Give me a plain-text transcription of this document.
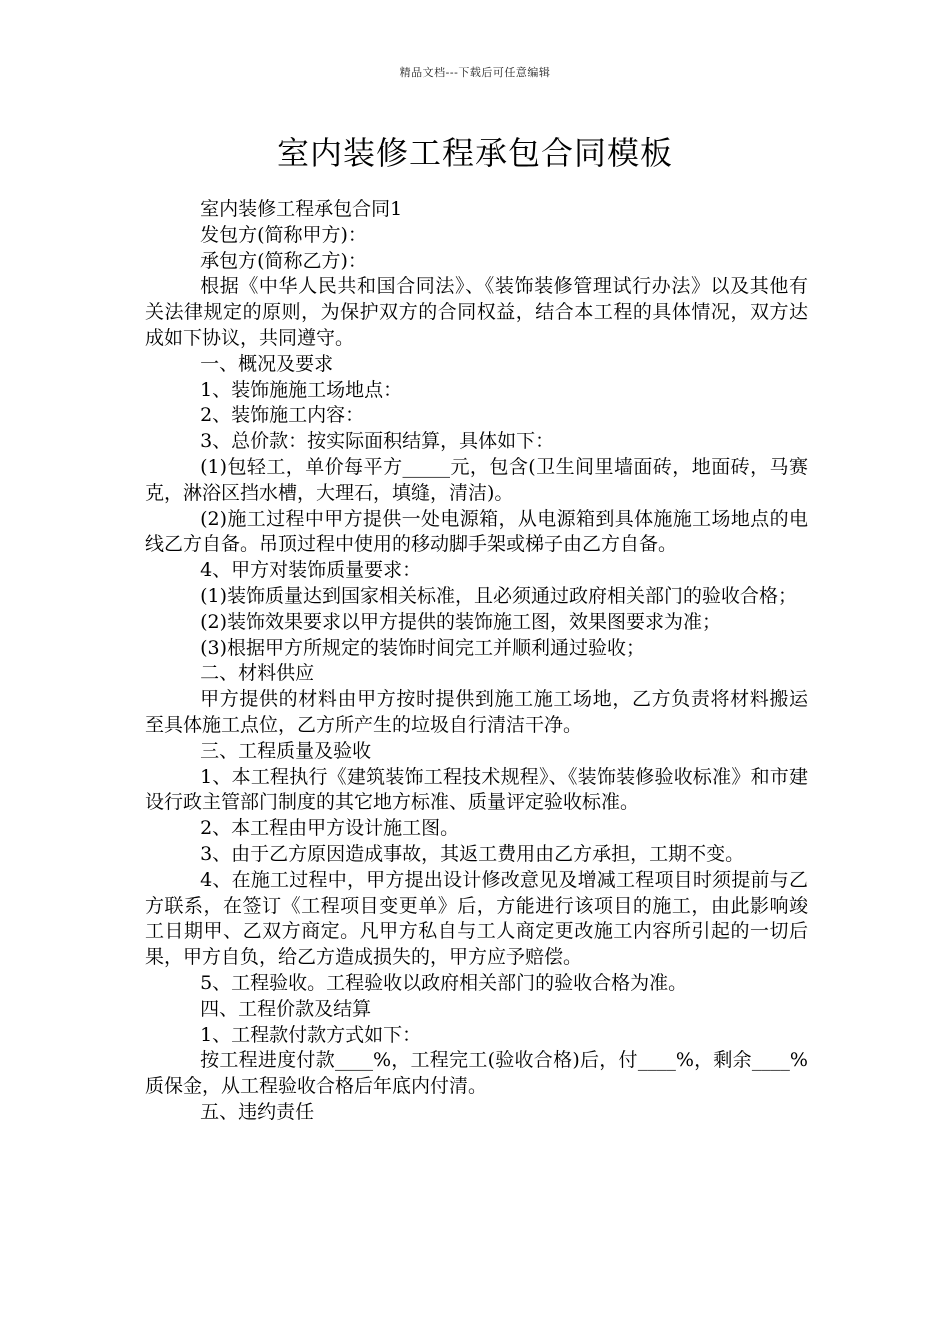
精品文档---下载后可任意编辑
室内装修工程承包合同模板

室内装修工程承包合同1

发包方(简称甲方)：

承包方(简称乙方)：

根据《中华人民共和国合同法》、《装饰装修管理试行办法》以及其他有关法律规定的原则，为保护双方的合同权益，结合本工程的具体情况，双方达成如下协议，共同遵守。

一、概况及要求

1、装饰施施工场地点：

2、装饰施工内容：

3、总价款：按实际面积结算，具体如下：

(1)包轻工，单价每平方_____元，包含(卫生间里墙面砖，地面砖，马赛克，淋浴区挡水槽，大理石，填缝，清洁)。

(2)施工过程中甲方提供一处电源箱，从电源箱到具体施施工场地点的电线乙方自备。吊顶过程中使用的移动脚手架或梯子由乙方自备。

4、甲方对装饰质量要求：

(1)装饰质量达到国家相关标准，且必须通过政府相关部门的验收合格；

(2)装饰效果要求以甲方提供的装饰施工图，效果图要求为准；

(3)根据甲方所规定的装饰时间完工并顺利通过验收；

二、材料供应

甲方提供的材料由甲方按时提供到施工施工场地，乙方负责将材料搬运至具体施工点位，乙方所产生的垃圾自行清洁干净。

三、工程质量及验收

1、本工程执行《建筑装饰工程技术规程》、《装饰装修验收标准》和市建设行政主管部门制度的其它地方标准、质量评定验收标准。

2、本工程由甲方设计施工图。

3、由于乙方原因造成事故，其返工费用由乙方承担，工期不变。

4、在施工过程中，甲方提出设计修改意见及增减工程项目时须提前与乙方联系，在签订《工程项目变更单》后，方能进行该项目的施工，由此影响竣工日期甲、乙双方商定。凡甲方私自与工人商定更改施工内容所引起的一切后果，甲方自负，给乙方造成损失的，甲方应予赔偿。

5、工程验收。工程验收以政府相关部门的验收合格为准。

四、工程价款及结算

1、工程款付款方式如下：

按工程进度付款____%，工程完工(验收合格)后，付____%，剩余____%质保金，从工程验收合格后年底内付清。

五、违约责任
